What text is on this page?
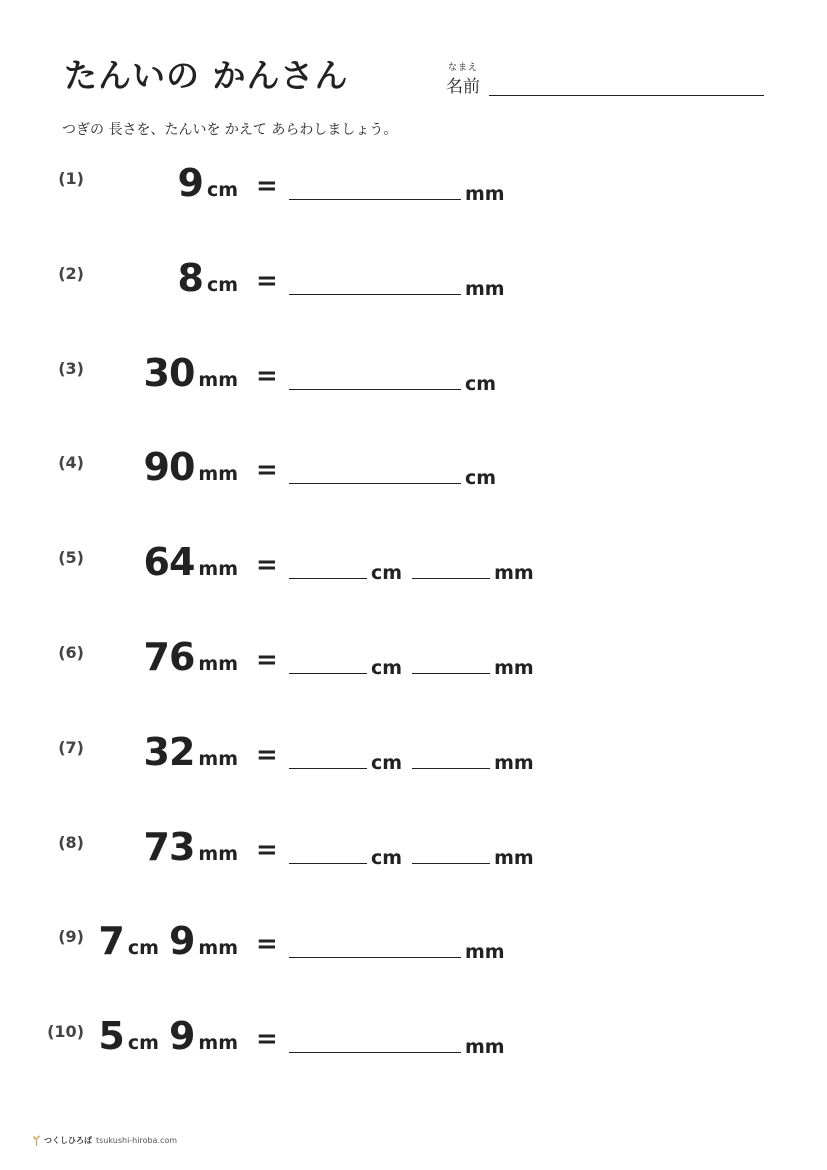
たんいの かんさん	なまえ
名前
つぎの 長さを、たんいを かえて あらわしましょう。
(1) 9 cm =	mm
(2) 8 cm =	mm
(3) 30 mm =	cm
(4) 90 mm =	cm
(5) 64 mm =	cm	mm
(6) 76 mm =	cm	mm
(7) 32 mm =	cm	mm
(8) 73 mm =	cm	mm
(9) 7 cm 9 mm =	mm
(10) 5 cm 9 mm =	mm
つくしひろば tsukushi-hiroba.com
